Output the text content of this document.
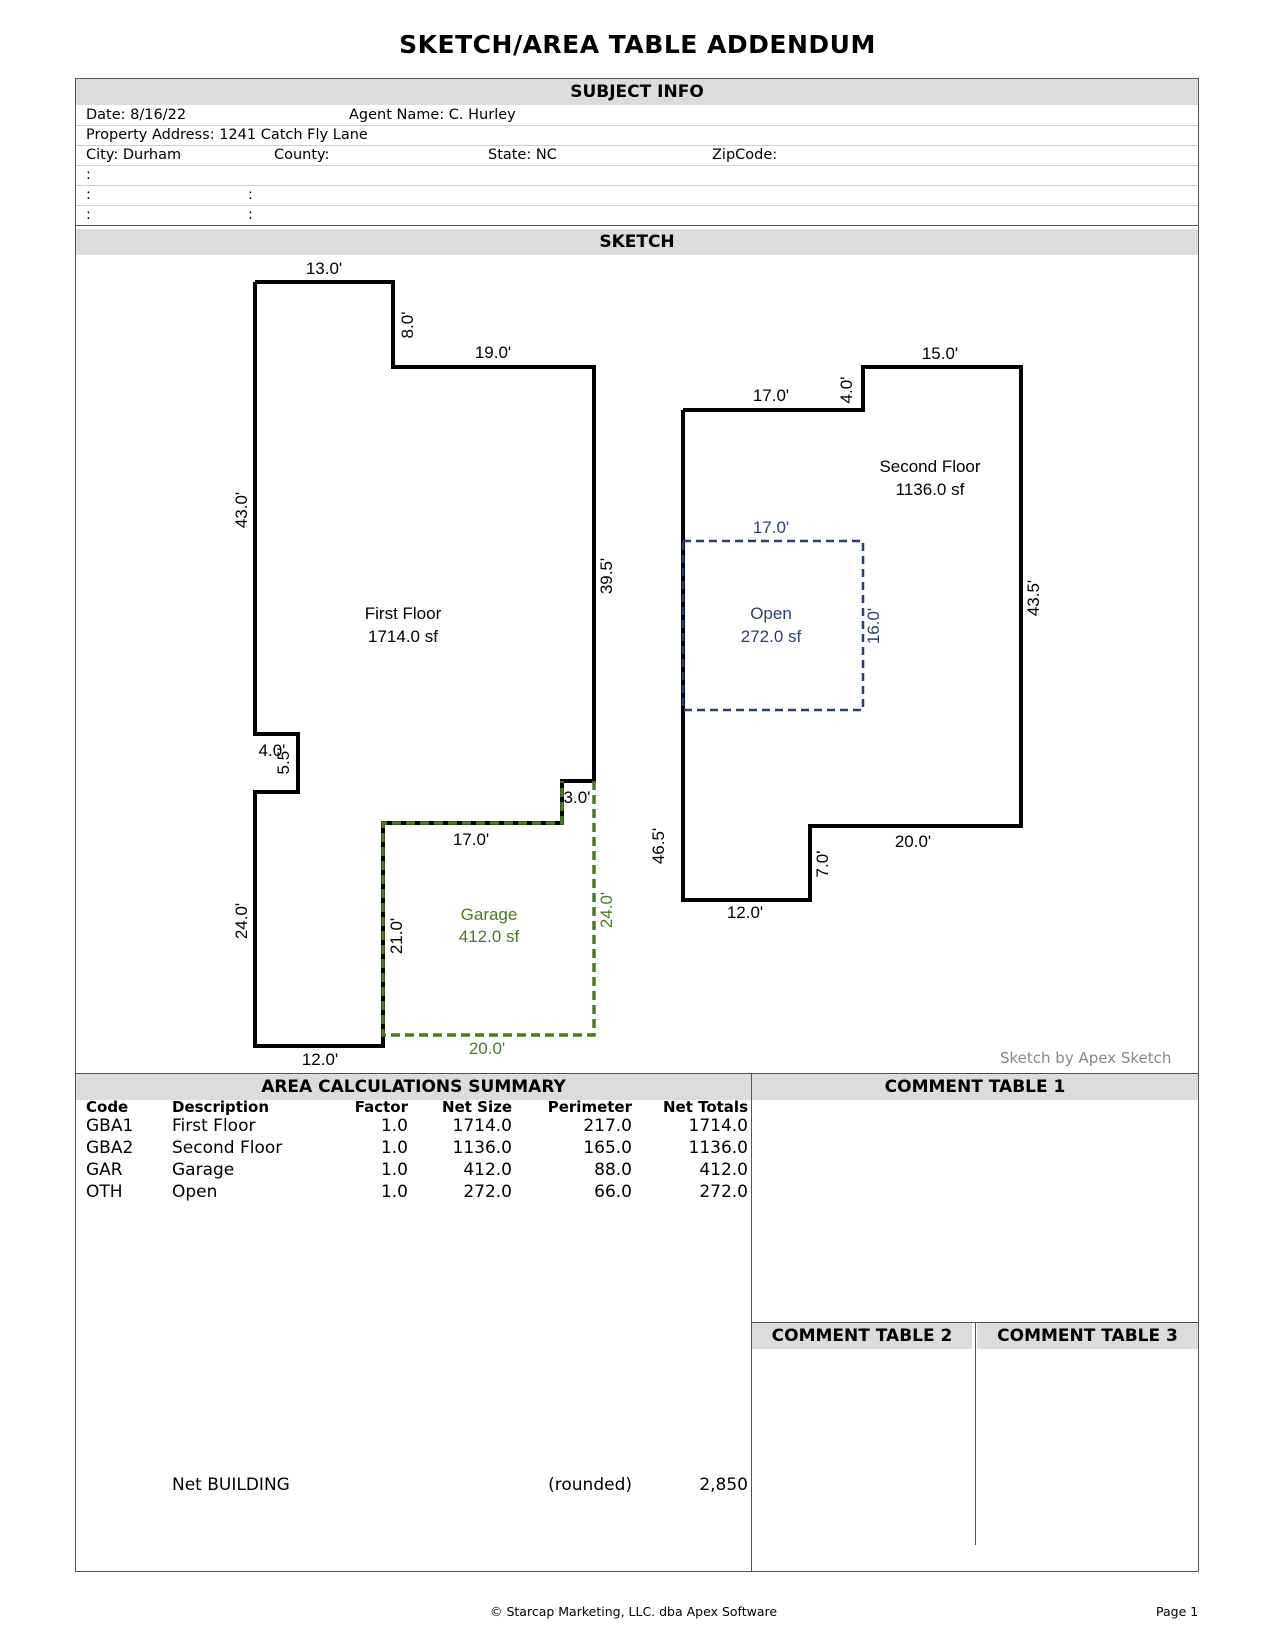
SKETCH/AREA TABLE ADDENDUM
SUBJECT INFO
Date: 8/16/22	Agent Name: C. Hurley
Property Address: 1241 Catch Fly Lane
City: Durham	County:	State: NC	ZipCode:
:
:	:
:	:
SKETCH
First Floor
1714.0 sf
13.0'
8.0'
19.0'
43.0'
39.5'
4.0'
5.5'
3.0'
17.0'
24.0'	21.0'
12.0'
Garage
412.0 sf
24.0'
20.0'
Second Floor
1136.0 sf
15.0'
4.0'
17.0'
43.5'
46.5'	20.0'
7.0'
12.0'
Open
272.0 sf
17.0'
16.0'
Sketch by Apex Sketch
AREA CALCULATIONS SUMMARY
Code	Description	Factor	Net Size	Perimeter	Net Totals
GBA1 First Floor	1.0	1714.0	217.0	1714.0
GBA2 Second Floor	1.0	1136.0	165.0	1136.0
GAR	Garage	1.0	412.0	88.0	412.0
OTH	Open	1.0	272.0	66.0	272.0
Net BUILDING	(rounded)	2,850
COMMENT TABLE 1
COMMENT TABLE 2	COMMENT TABLE 3
© Starcap Marketing, LLC. dba Apex Software	Page 1
